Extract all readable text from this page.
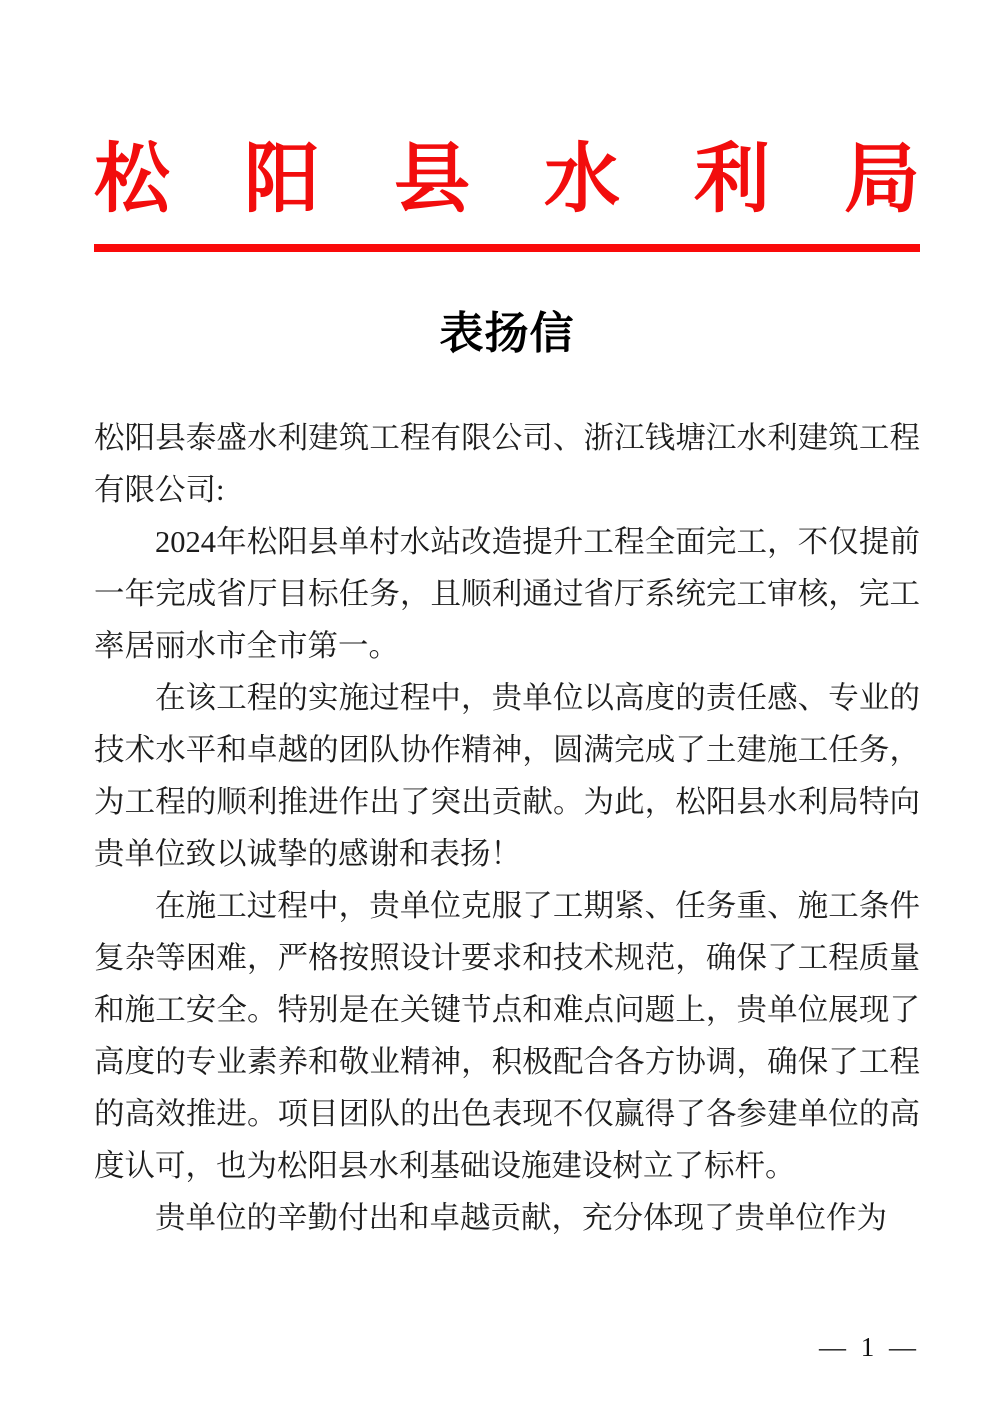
松 阳 县 水 利 局
表扬信

松阳县泰盛水利建筑工程有限公司、浙江钱塘江水利建筑工程有限公司:

2024年松阳县单村水站改造提升工程全面完工，不仅提前一年完成省厅目标任务，且顺利通过省厅系统完工审核，完工率居丽水市全市第一。

在该工程的实施过程中，贵单位以高度的责任感、专业的技术水平和卓越的团队协作精神，圆满完成了土建施工任务，为工程的顺利推进作出了突出贡献。为此，松阳县水利局特向贵单位致以诚挚的感谢和表扬！

在施工过程中，贵单位克服了工期紧、任务重、施工条件复杂等困难，严格按照设计要求和技术规范，确保了工程质量和施工安全。特别是在关键节点和难点问题上，贵单位展现了高度的专业素养和敬业精神，积极配合各方协调，确保了工程的高效推进。项目团队的出色表现不仅赢得了各参建单位的高度认可，也为松阳县水利基础设施建设树立了标杆。

贵单位的辛勤付出和卓越贡献，充分体现了贵单位作为

— 1 —
